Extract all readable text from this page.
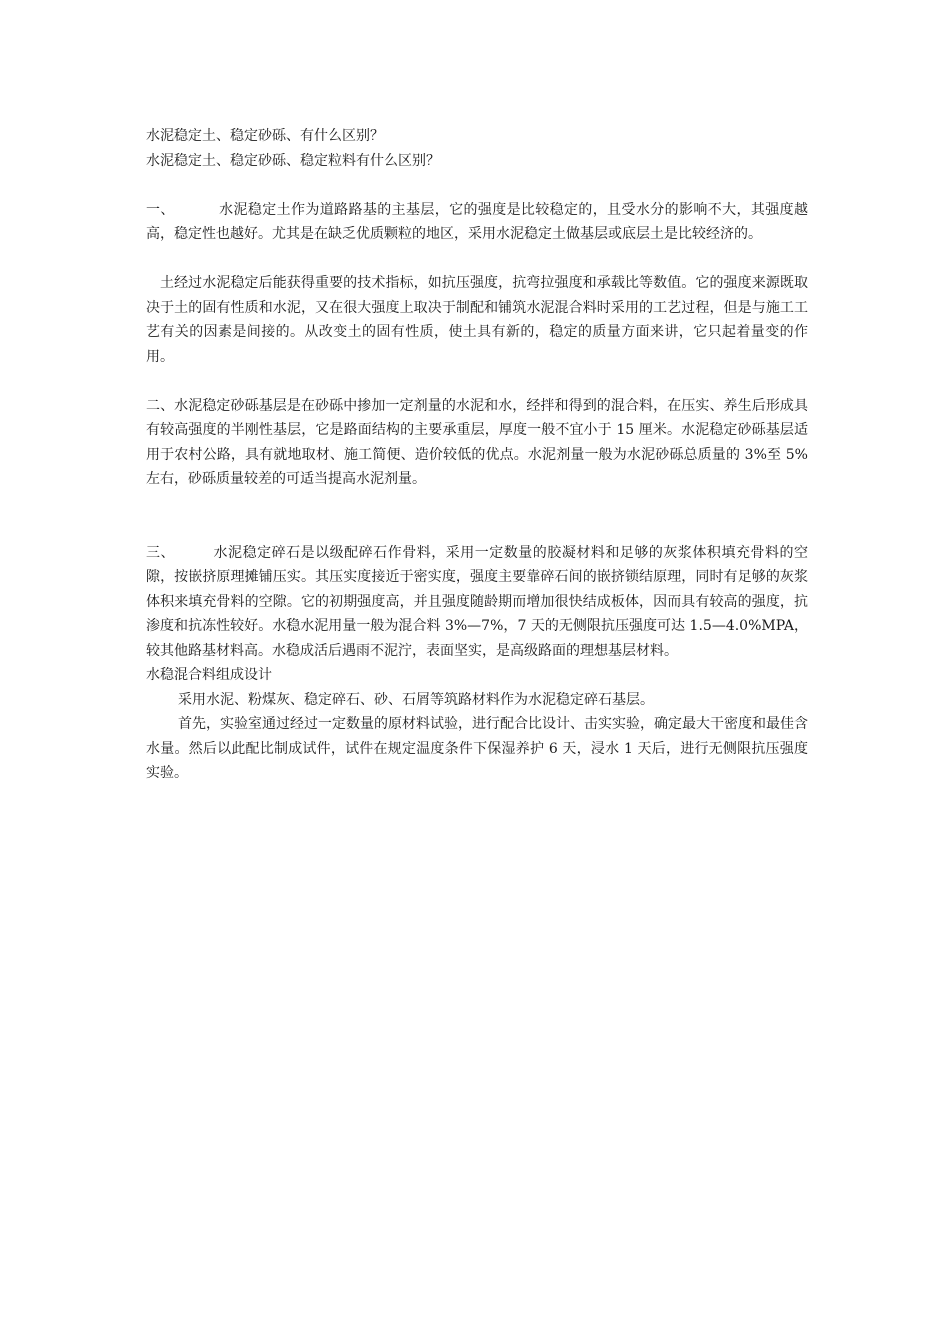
水泥稳定土、稳定砂砾、有什么区别？
水泥稳定土、稳定砂砾、稳定粒料有什么区别？
一、	水泥稳定土作为道路路基的主基层，它的强度是比较稳定的，且受水分的影响不大，其强度越高，稳定性也越好。尤其是在缺乏优质颗粒的地区，采用水泥稳定土做基层或底层土是比较经济的。
土经过水泥稳定后能获得重要的技术指标，如抗压强度，抗弯拉强度和承载比等数值。它的强度来源既取决于土的固有性质和水泥，又在很大强度上取决于制配和铺筑水泥混合料时采用的工艺过程，但是与施工工艺有关的因素是间接的。从改变土的固有性质，使土具有新的，稳定的质量方面来讲，它只起着量变的作用。
二、水泥稳定砂砾基层是在砂砾中掺加一定剂量的水泥和水，经拌和得到的混合料，在压实、养生后形成具有较高强度的半刚性基层，它是路面结构的主要承重层，厚度一般不宜小于 15 厘米。水泥稳定砂砾基层适用于农村公路，具有就地取材、施工简便、造价较低的优点。水泥剂量一般为水泥砂砾总质量的 3%至 5%左右，砂砾质量较差的可适当提高水泥剂量。
三、	水泥稳定碎石是以级配碎石作骨料，采用一定数量的胶凝材料和足够的灰浆体积填充骨料的空隙，按嵌挤原理摊铺压实。其压实度接近于密实度，强度主要靠碎石间的嵌挤锁结原理，同时有足够的灰浆体积来填充骨料的空隙。它的初期强度高，并且强度随龄期而增加很快结成板体，因而具有较高的强度，抗渗度和抗冻性较好。水稳水泥用量一般为混合料 3%—7%，7 天的无侧限抗压强度可达 1.5—4.0%MPA，较其他路基材料高。水稳成活后遇雨不泥泞，表面坚实，是高级路面的理想基层材料。
水稳混合料组成设计
采用水泥、粉煤灰、稳定碎石、砂、石屑等筑路材料作为水泥稳定碎石基层。
首先，实验室通过经过一定数量的原材料试验，进行配合比设计、击实实验，确定最大干密度和最佳含水量。然后以此配比制成试件，试件在规定温度条件下保湿养护 6 天，浸水 1 天后，进行无侧限抗压强度实验。
